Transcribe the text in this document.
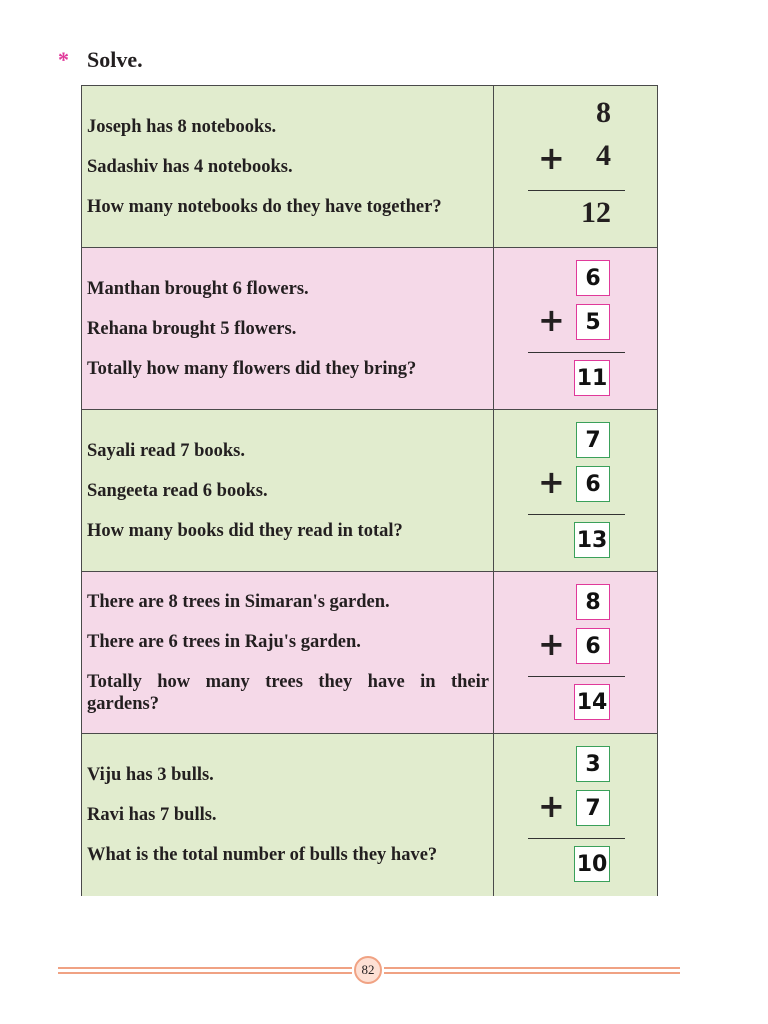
* Solve.

Joseph has 8 notebooks.

Sadashiv has 4 notebooks.

How many notebooks do they have together?

8
+	4
12

Manthan brought 6 flowers.

Rehana brought 5 flowers.

Totally how many flowers did they bring?

6
+ 5
11

Sayali read 7 books.

Sangeeta read 6 books.

How many books did they read in total?

7
+ 6
13

There are 8 trees in Simaran's garden.

There are 6 trees in Raju's garden.

Totally how many trees they have in their gardens?

8
+ 6
14

Viju has 3 bulls.

Ravi has 7 bulls.

What is the total number of bulls they have?

3
+ 7
10
82
